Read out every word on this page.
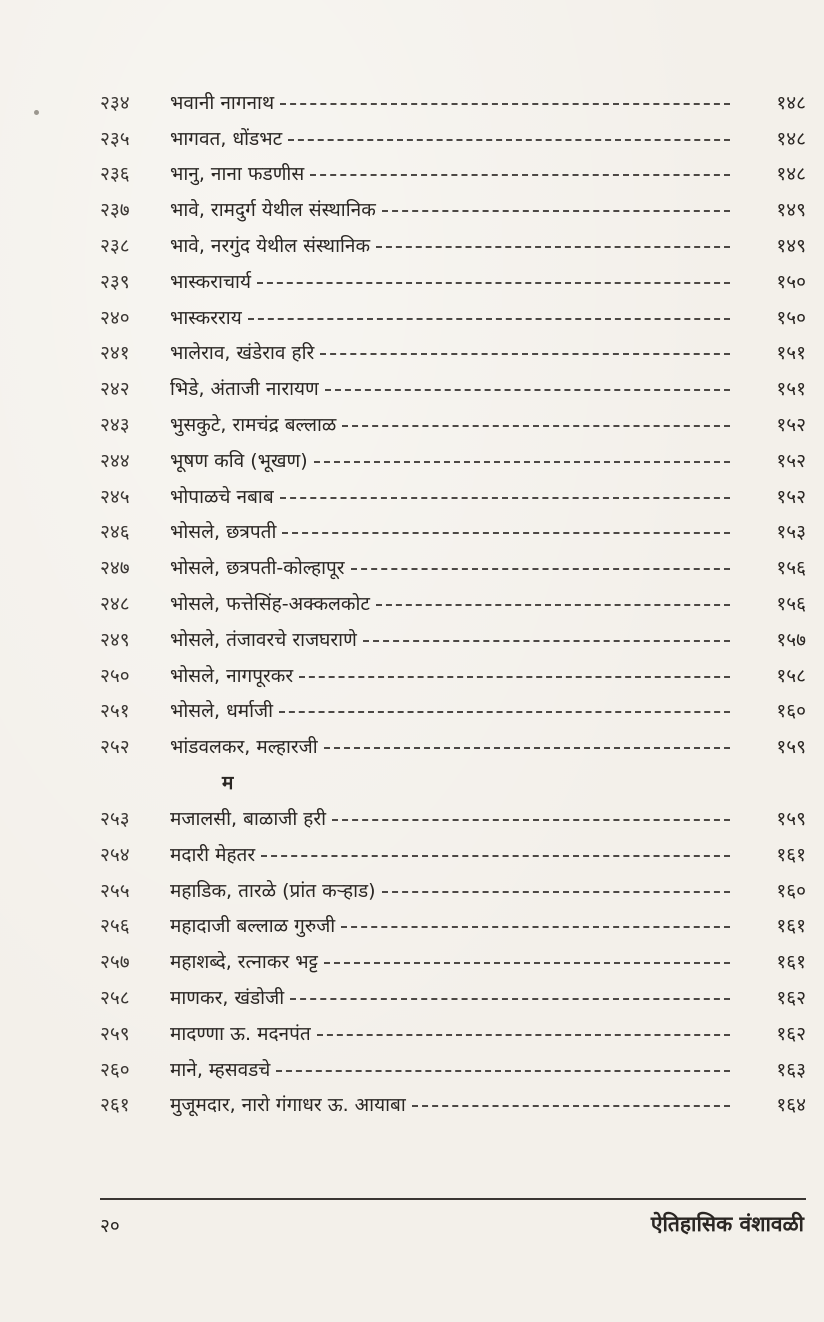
२३४	भवानी नागनाथ	१४८
२३५	भागवत, धोंडभट	१४८
२३६	भानु, नाना फडणीस	१४८
२३७	भावे, रामदुर्ग येथील संस्थानिक	१४९
२३८	भावे, नरगुंद येथील संस्थानिक	१४९
२३९	भास्कराचार्य	१५०
२४०	भास्करराय	१५०
२४१	भालेराव, खंडेराव हरि	१५१
२४२	भिडे, अंताजी नारायण	१५१
२४३	भुसकुटे, रामचंद्र बल्लाळ	१५२
२४४	भूषण कवि (भूखण)	१५२
२४५	भोपाळचे नबाब	१५२
२४६	भोसले, छत्रपती	१५३
२४७	भोसले, छत्रपती-कोल्हापूर	१५६
२४८	भोसले, फत्तेसिंह-अक्कलकोट	१५६
२४९	भोसले, तंजावरचे राजघराणे	१५७
२५०	भोसले, नागपूरकर	१५८
२५१	भोसले, धर्माजी	१६०
२५२	भांडवलकर, मल्हारजी	१५९
म
२५३	मजालसी, बाळाजी हरी	१५९
२५४	मदारी मेहतर	१६१
२५५	महाडिक, तारळे (प्रांत कऱ्हाड)	१६०
२५६	महादाजी बल्लाळ गुरुजी	१६१
२५७	महाशब्दे, रत्नाकर भट्ट	१६१
२५८	माणकर, खंडोजी	१६२
२५९	मादण्णा ऊ. मदनपंत	१६२
२६०	माने, म्हसवडचे	१६३
२६१	मुजूमदार, नारो गंगाधर ऊ. आयाबा	१६४
२०	ऐतिहासिक वंशावळी
